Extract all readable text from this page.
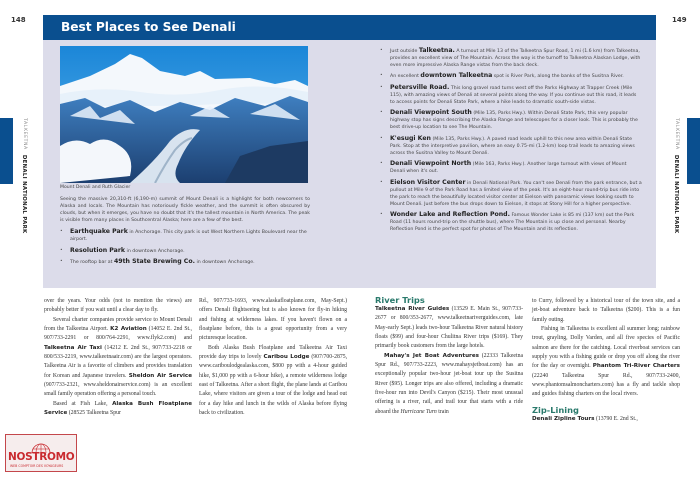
148	149
TALKEETNA DENALI NATIONAL PARK
TALKEETNA DENALI NATIONAL PARK
Best Places to See Denali
Mount Denali and Ruth Glacier

Seeing the massive 20,310-ft (6,190-m) summit of Mount Denali is a highlight for both newcomers to Alaska and locals. The Mountain has notoriously fickle weather, and the summit is often obscured by clouds, but when it emerges, you have no doubt that it's the tallest mountain in North America. The peak is visible from many places in Southcentral Alaska; here are a few of the best.

• Earthquake Park in Anchorage. This city park is out West Northern Lights Boulevard near the airport.
• Resolution Park in downtown Anchorage.
• The rooftop bar at 49th State Brewing Co. in downtown Anchorage.
• Just outside Talkeetna. A turnout at Mile 13 of the Talkeetna Spur Road, 1 mi (1.6 km) from Talkeetna, provides an excellent view of The Mountain. Across the way is the turnoff to Talkeetna Alaskan Lodge, with even more impressive Alaska Range vistas from the back deck.
• An excellent downtown Talkeetna spot is River Park, along the banks of the Susitna River.
• Petersville Road. This long gravel road turns west off the Parks Highway at Trapper Creek (Mile 115), with amazing views of Denali at several points along the way. If you continue out this road, it leads to access points for Denali State Park, where a hike leads to dramatic south-side vistas.
• Denali Viewpoint South (Mile 135, Parks Hwy.). Within Denali State Park, this very popular highway stop has signs describing the Alaska Range and telescopes for a closer look. This is probably the best drive-up location to see The Mountain.
• K'esugi Ken (Mile 135, Parks Hwy.). A paved road leads uphill to this new area within Denali State Park. Stop at the interpretive pavilion, where an easy 0.75-mi (1.2-km) loop trail leads to amazing views across the Susitna Valley to Mount Denali.
• Denali Viewpoint North (Mile 163, Parks Hwy.). Another large turnout with views of Mount Denali when it's out.
• Eielson Visitor Center in Denali National Park. You can't see Denali from the park entrance, but a pullout at Mile 9 of the Park Road has a limited view of the peak. It's an eight-hour round-trip bus ride into the park to reach the beautifully located visitor center at Eielson with panoramic views looking south to Mount Denali. Just before the bus drops down to Eielson, it stops at Stony Hill for a higher perspective.
• Wonder Lake and Reflection Pond. Famous Wonder Lake is 85 mi (137 km) out the Park Road (11 hours round-trip on the shuttle bus), where The Mountain is up close and personal. Nearby Reflection Pond is the perfect spot for photos of The Mountain and its reflection.

over the years. Your odds (not to mention the views) are probably better if you wait until a clear day to fly.

Several charter companies provide service to Mount Denali from the Talkeetna Airport. K2 Aviation (14052 E. 2nd St., 907/733-2291 or 800/764-2291, www.flyk2.com) and Talkeetna Air Taxi (14212 E. 2nd St., 907/733-2218 or 800/533-2219, www.talkeetnaair.com) are the largest operators. Talkeetna Air is a favorite of climbers and provides translation for Korean and Japanese travelers. Sheldon Air Service (907/733-2321, www.sheldonairservice.com) is an excellent small family operation offering a personal touch.

Based at Fish Lake, Alaska Bush Floatplane Service (28525 Talkeetna Spur

Rd., 907/733-1693, www.alaskafloatplane.com, May-Sept.) offers Denali flightseeing but is also known for fly-in hiking and fishing at wilderness lakes. If you haven't flown on a floatplane before, this is a great opportunity from a very picturesque location.

Both Alaska Bush Floatplane and Talkeetna Air Taxi provide day trips to lovely Caribou Lodge (907/700-2875, www.cariboulodgealaska.com, $800 pp with a 4-hour guided hike, $1,000 pp with a 6-hour hike), a remote wilderness lodge east of Talkeetna. After a short flight, the plane lands at Caribou Lake, where visitors are given a tour of the lodge and head out for a day hike and lunch in the wilds of Alaska before flying back to civilization.

River Trips

Talkeetna River Guides (13529 E. Main St., 907/733-2677 or 800/353-2677, www.talkeetnariverguides.com, late May-early Sept.) leads two-hour Talkeetna River natural history floats ($99) and four-hour Chulitna River trips ($169). They primarily book customers from the large hotels.

Mahay's Jet Boat Adventures (22333 Talkeetna Spur Rd., 907/733-2223, www.mahaysjetboat.com) has an exceptionally popular two-hour jet-boat tour up the Susitna River ($95). Longer trips are also offered, including a dramatic five-hour run into Devil's Canyon ($215). Their most unusual offering is a river, rail, and trail tour that starts with a ride aboard the Hurricane Turn train

to Curry, followed by a historical tour of the town site, and a jet-boat adventure back to Talkeetna ($200). This is a fun family outing.

Fishing in Talkeetna is excellent all summer long; rainbow trout, grayling, Dolly Varden, and all five species of Pacific salmon are there for the catching. Local riverboat services can supply you with a fishing guide or drop you off along the river for the day or overnight. Phantom Tri-River Charters (22240 Talkeetna Spur Rd., 907/733-2400, www.phantomsalmoncharters.com) has a fly and tackle shop and guides fishing charters on the local rivers.

Zip-Lining

Denali Zipline Tours (13790 E. 2nd St.,

NOSTROMO
WEB COMPTOIR DES VOYAGEURS
